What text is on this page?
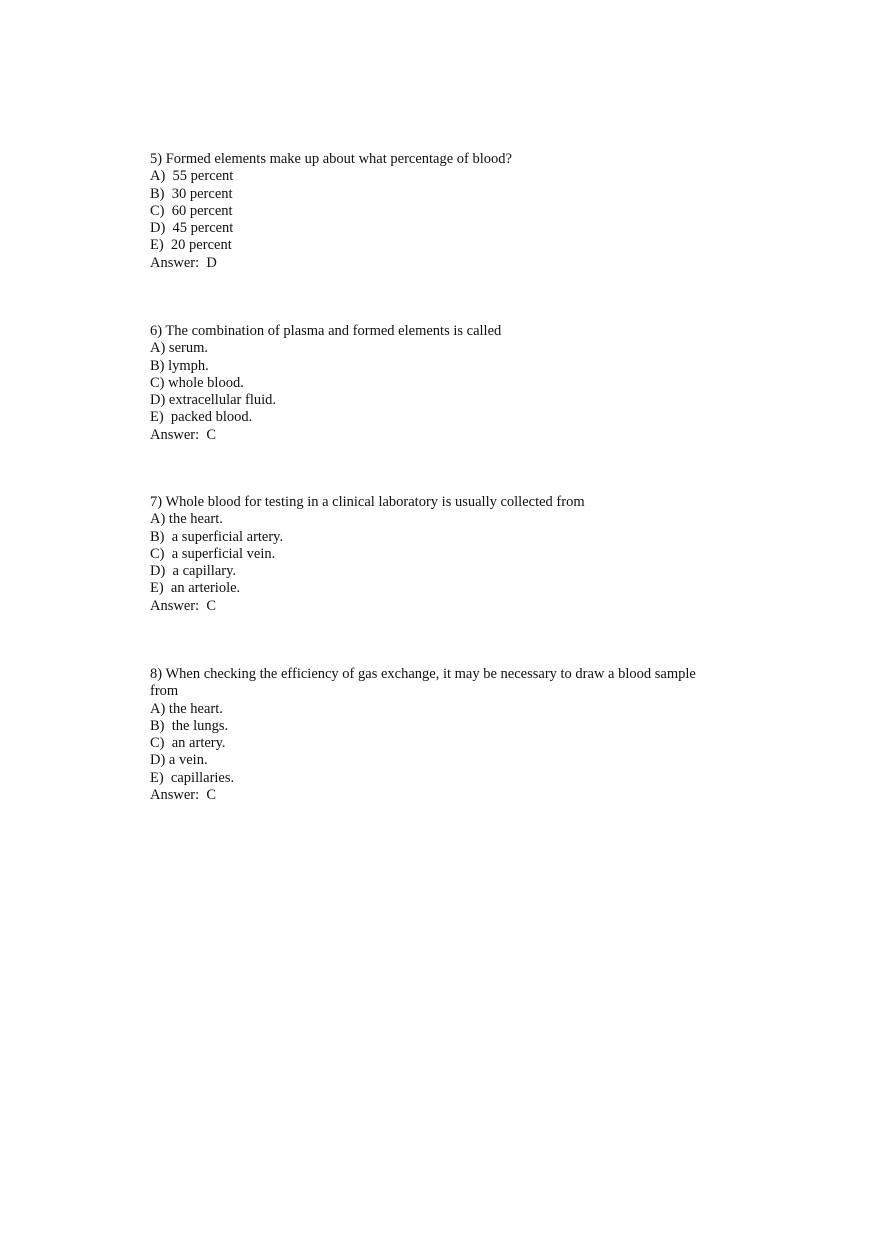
5) Formed elements make up about what percentage of blood?
A)  55 percent
B)  30 percent
C)  60 percent
D)  45 percent
E)  20 percent
Answer:  D
6) The combination of plasma and formed elements is called
A) serum.
B) lymph.
C) whole blood.
D) extracellular fluid.
E)  packed blood.
Answer:  C
7) Whole blood for testing in a clinical laboratory is usually collected from
A) the heart.
B)  a superficial artery.
C)  a superficial vein.
D)  a capillary.
E)  an arteriole.
Answer:  C
8) When checking the efficiency of gas exchange, it may be necessary to draw a blood sample
from
A) the heart.
B)  the lungs.
C)  an artery.
D) a vein.
E)  capillaries.
Answer:  C
